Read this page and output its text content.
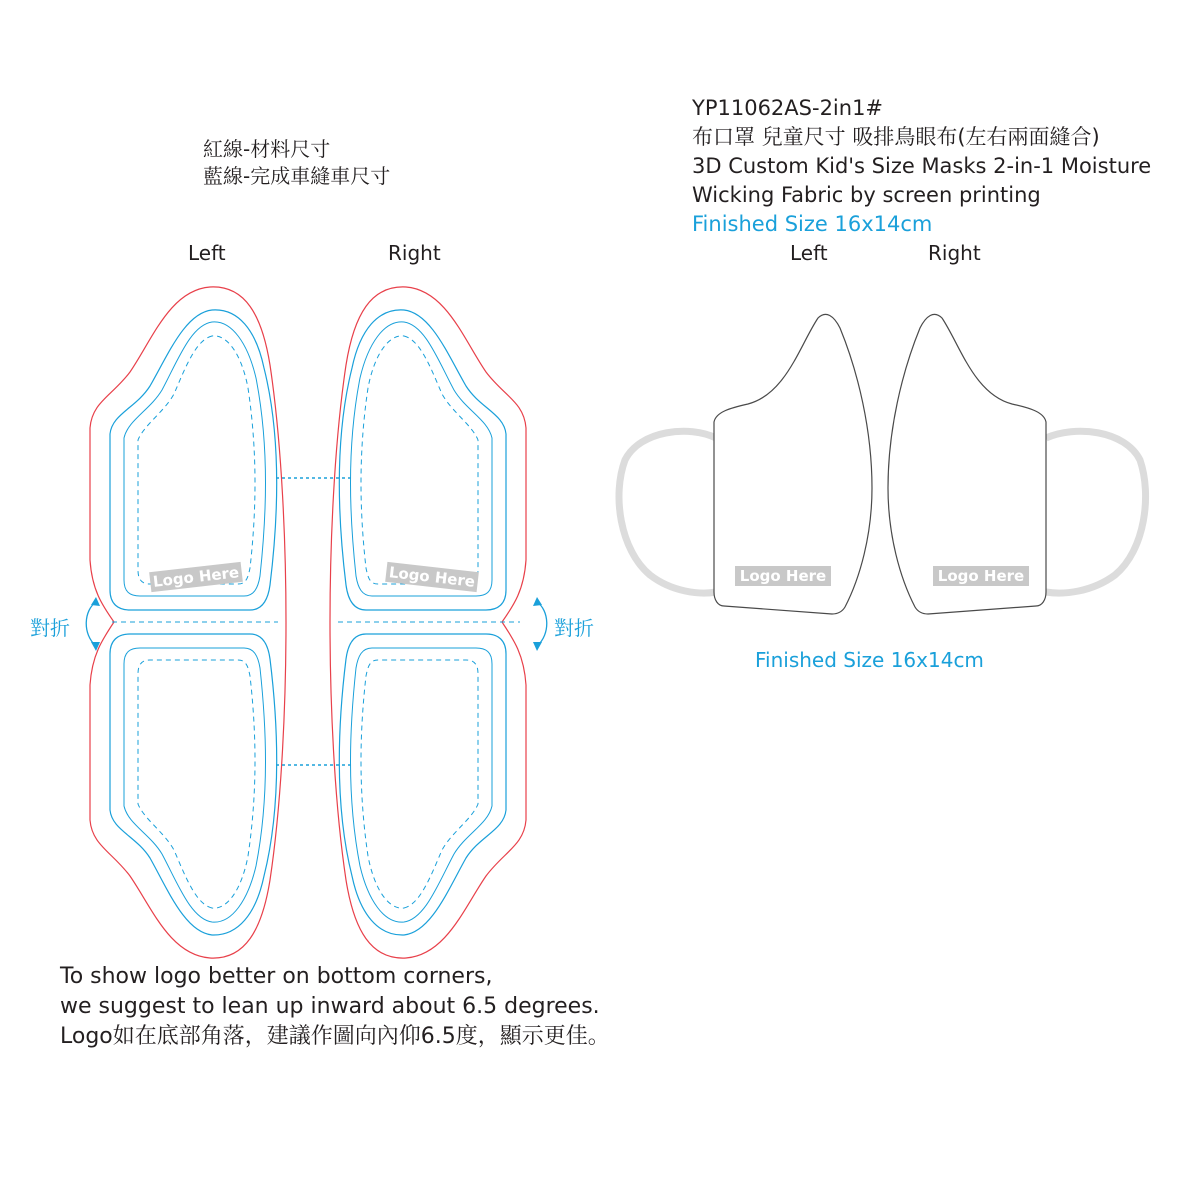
紅線-材料尺寸
藍線-完成車縫車尺寸
YP11062AS-2in1#
布口罩 兒童尺寸 吸排鳥眼布(左右兩面縫合)
3D Custom Kid's Size Masks 2-in-1 Moisture
Wicking Fabric by screen printing
Finished Size 16x14cm
Left	Right	Left	Right
Logo Here	Logo Here
對折	對折
Logo Here	Logo Here
Finished Size 16x14cm
To show logo better on bottom corners,
we suggest to lean up inward about 6.5 degrees.
Logo如在底部角落，建議作圖向內仰6.5度，顯示更佳。
